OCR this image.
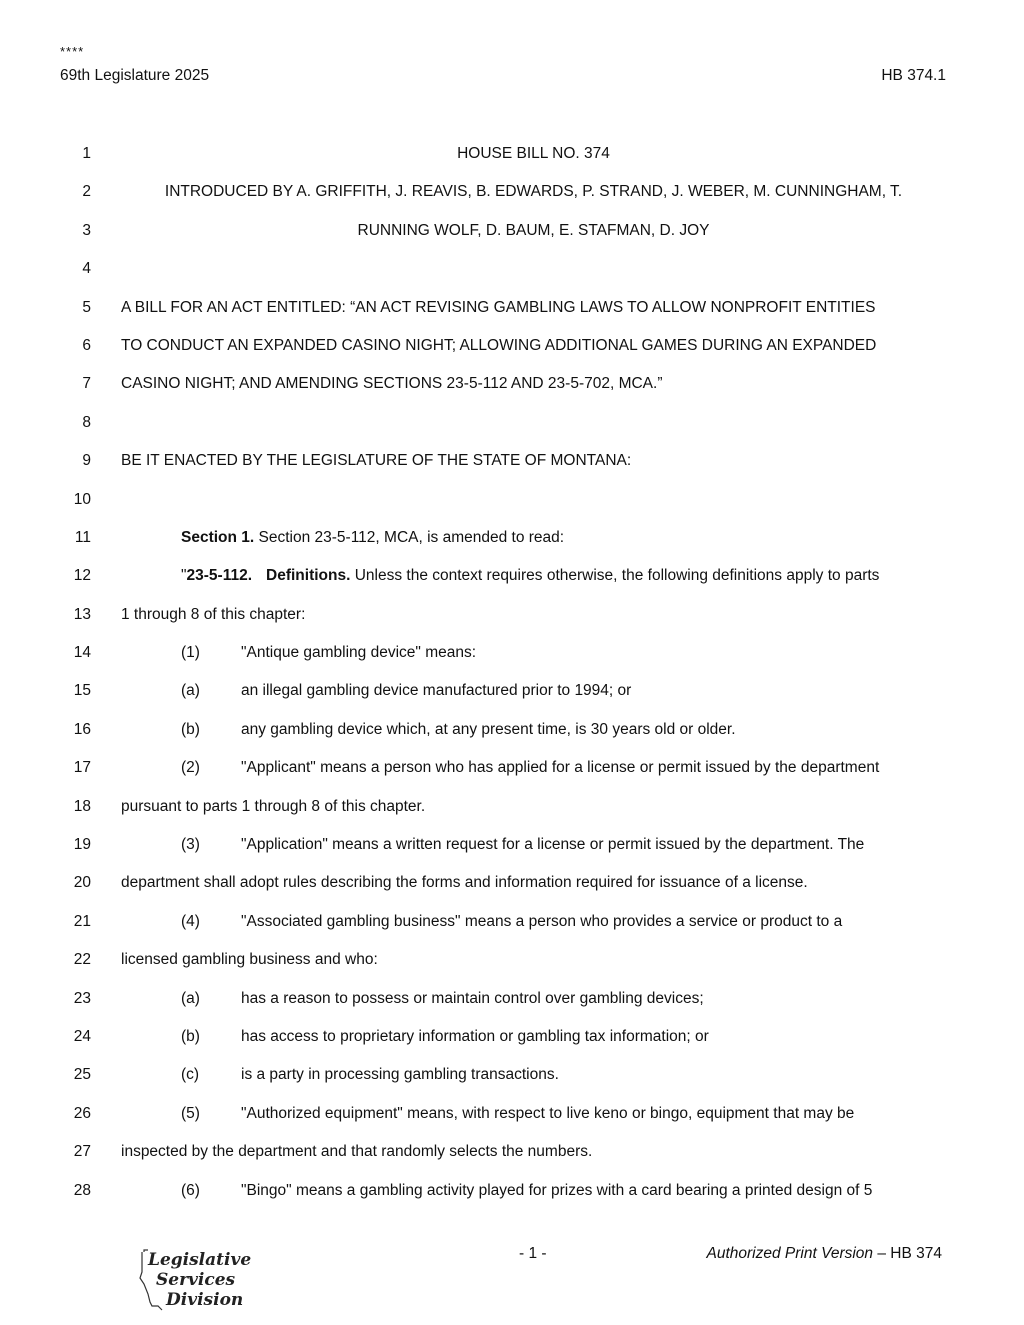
****
69th Legislature 2025	HB 374.1
1	HOUSE BILL NO. 374
2	INTRODUCED BY A. GRIFFITH, J. REAVIS, B. EDWARDS, P. STRAND, J. WEBER, M. CUNNINGHAM, T.
3	RUNNING WOLF, D. BAUM, E. STAFMAN, D. JOY
4
5 A BILL FOR AN ACT ENTITLED: “AN ACT REVISING GAMBLING LAWS TO ALLOW NONPROFIT ENTITIES
6 TO CONDUCT AN EXPANDED CASINO NIGHT; ALLOWING ADDITIONAL GAMES DURING AN EXPANDED
7 CASINO NIGHT; AND AMENDING SECTIONS 23-5-112 AND 23-5-702, MCA.”
8
9 BE IT ENACTED BY THE LEGISLATURE OF THE STATE OF MONTANA:
10
11	Section 1. Section 23-5-112, MCA, is amended to read:
12	"23-5-112. Definitions. Unless the context requires otherwise, the following definitions apply to parts
13 1 through 8 of this chapter:
14	(1)	"Antique gambling device" means:
15	(a)	an illegal gambling device manufactured prior to 1994; or
16	(b)	any gambling device which, at any present time, is 30 years old or older.
17	(2)	"Applicant" means a person who has applied for a license or permit issued by the department
18 pursuant to parts 1 through 8 of this chapter.
19	(3)	"Application" means a written request for a license or permit issued by the department. The
20 department shall adopt rules describing the forms and information required for issuance of a license.
21	(4)	"Associated gambling business" means a person who provides a service or product to a
22 licensed gambling business and who:
23	(a)	has a reason to possess or maintain control over gambling devices;
24	(b)	has access to proprietary information or gambling tax information; or
25	(c)	is a party in processing gambling transactions.
26	(5)	"Authorized equipment" means, with respect to live keno or bingo, equipment that may be
27 inspected by the department and that randomly selects the numbers.
28	(6)	"Bingo" means a gambling activity played for prizes with a card bearing a printed design of 5
Legislative
Services
Division
- 1 -	Authorized Print Version – HB 374
